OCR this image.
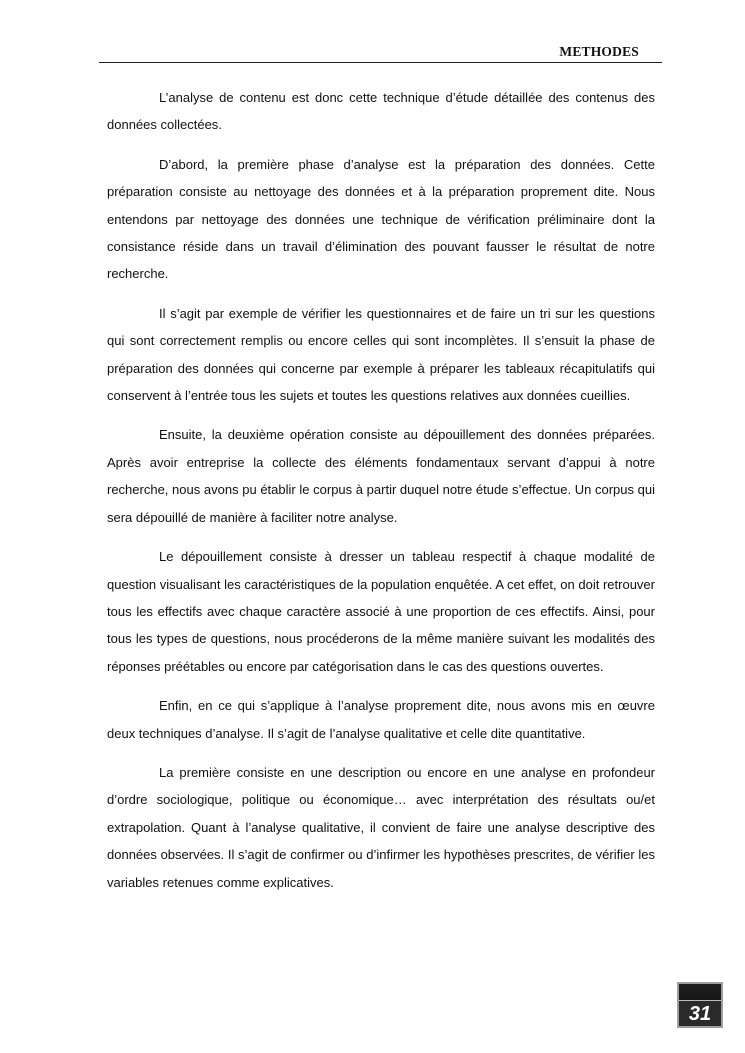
METHODES

L’analyse de contenu est donc cette technique d’étude détaillée des contenus des données collectées.

D’abord, la première phase d’analyse est la préparation des données. Cette préparation consiste au nettoyage des données et à la préparation proprement dite. Nous entendons par nettoyage des données une technique de vérification préliminaire dont la consistance réside dans un travail d’élimination des pouvant fausser le résultat de notre recherche.

Il s’agit par exemple de vérifier les questionnaires et de faire un tri sur les questions qui sont correctement remplis ou encore celles qui sont incomplètes. Il s’ensuit la phase de préparation des données qui concerne par exemple à préparer les tableaux récapitulatifs qui conservent à l’entrée tous les sujets et toutes les questions relatives aux données cueillies.

Ensuite, la deuxième opération consiste au dépouillement des données préparées. Après avoir entreprise la collecte des éléments fondamentaux servant d’appui à notre recherche, nous avons pu établir le corpus à partir duquel notre étude s’effectue. Un corpus qui sera dépouillé de manière à faciliter notre analyse.

Le dépouillement consiste à dresser un tableau respectif à chaque modalité de question visualisant les caractéristiques de la population enquêtée. A cet effet, on doit retrouver tous les effectifs avec chaque caractère associé à une proportion de ces effectifs. Ainsi, pour tous les types de questions, nous procéderons de la même manière suivant les modalités des réponses préétables ou encore par catégorisation dans le cas des questions ouvertes.

Enfin, en ce qui s’applique à l’analyse proprement dite, nous avons mis en œuvre deux techniques d’analyse. Il s’agit de l’analyse qualitative et celle dite quantitative.

La première consiste en une description ou encore en une analyse en profondeur d’ordre sociologique, politique ou économique… avec interprétation des résultats ou/et extrapolation. Quant à l’analyse qualitative, il convient de faire une analyse descriptive des données observées. Il s’agit de confirmer ou d’infirmer les hypothèses prescrites, de vérifier les variables retenues comme explicatives.

31
